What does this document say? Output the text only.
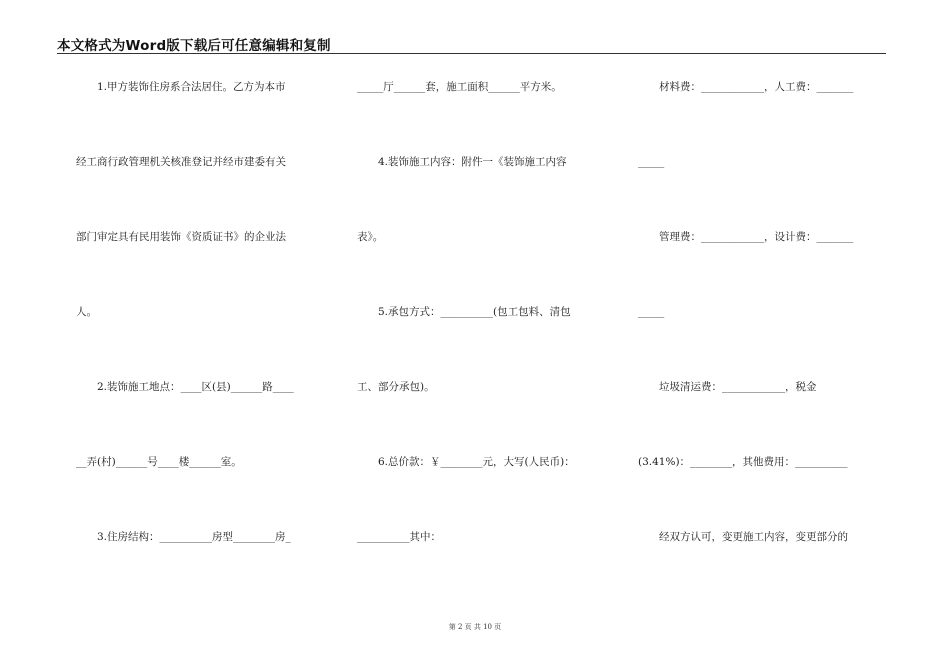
本文格式为Word版下载后可任意编辑和复制
　　1.甲方装饰住房系合法居住。乙方为本市
经工商行政管理机关核准登记并经市建委有关
部门审定具有民用装饰《资质证书》的企业法
人。
　　2.装饰施工地点：____区(县)______路____
__弄(村)______号____楼______室。
　　3.住房结构：__________房型________房_
_____厅______套，施工面积______平方米。
　　4.装饰施工内容：附件一《装饰施工内容
表》。
　　5.承包方式：__________(包工包料、清包
工、部分承包)。
　　6.总价款：￥________元，大写(人民币)：
__________其中：
　　材料费：____________，人工费：_______
_____
　　管理费：____________，设计费：_______
_____
　　垃圾清运费：____________，税金
(3.41%)：________，其他费用：__________
　　经双方认可，变更施工内容，变更部分的
第 2 页 共 10 页
